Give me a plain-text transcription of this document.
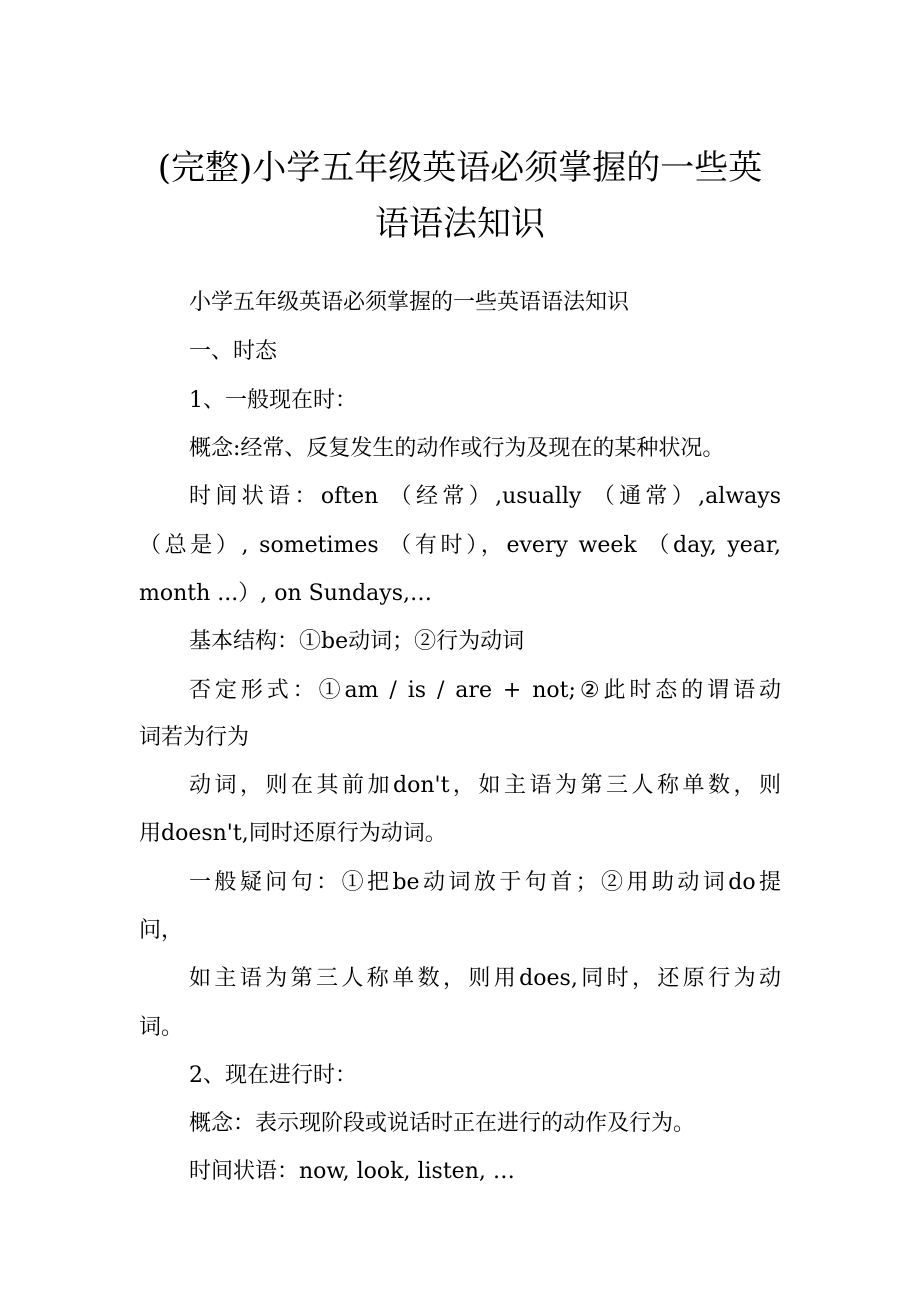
(完整)小学五年级英语必须掌握的一些英
语语法知识
小学五年级英语必须掌握的一些英语语法知识
一、时态
1、一般现在时：
概念:经常、反复发生的动作或行为及现在的某种状况。
时间状语：often （经常）,usually （通常）,always
（总是）, sometimes （有时），every week （day, year,
month ...）, on Sundays,…
基本结构：①be动词；②行为动词
否定形式：①am / is / are + not;②此时态的谓语动
词若为行为
动词，则在其前加don't，如主语为第三人称单数，则
用doesn't,同时还原行为动词。
一般疑问句：①把be动词放于句首；②用助动词do提
问，
如主语为第三人称单数，则用does,同时，还原行为动
词。
2、现在进行时：
概念：表示现阶段或说话时正在进行的动作及行为。
时间状语：now, look, listen, …
